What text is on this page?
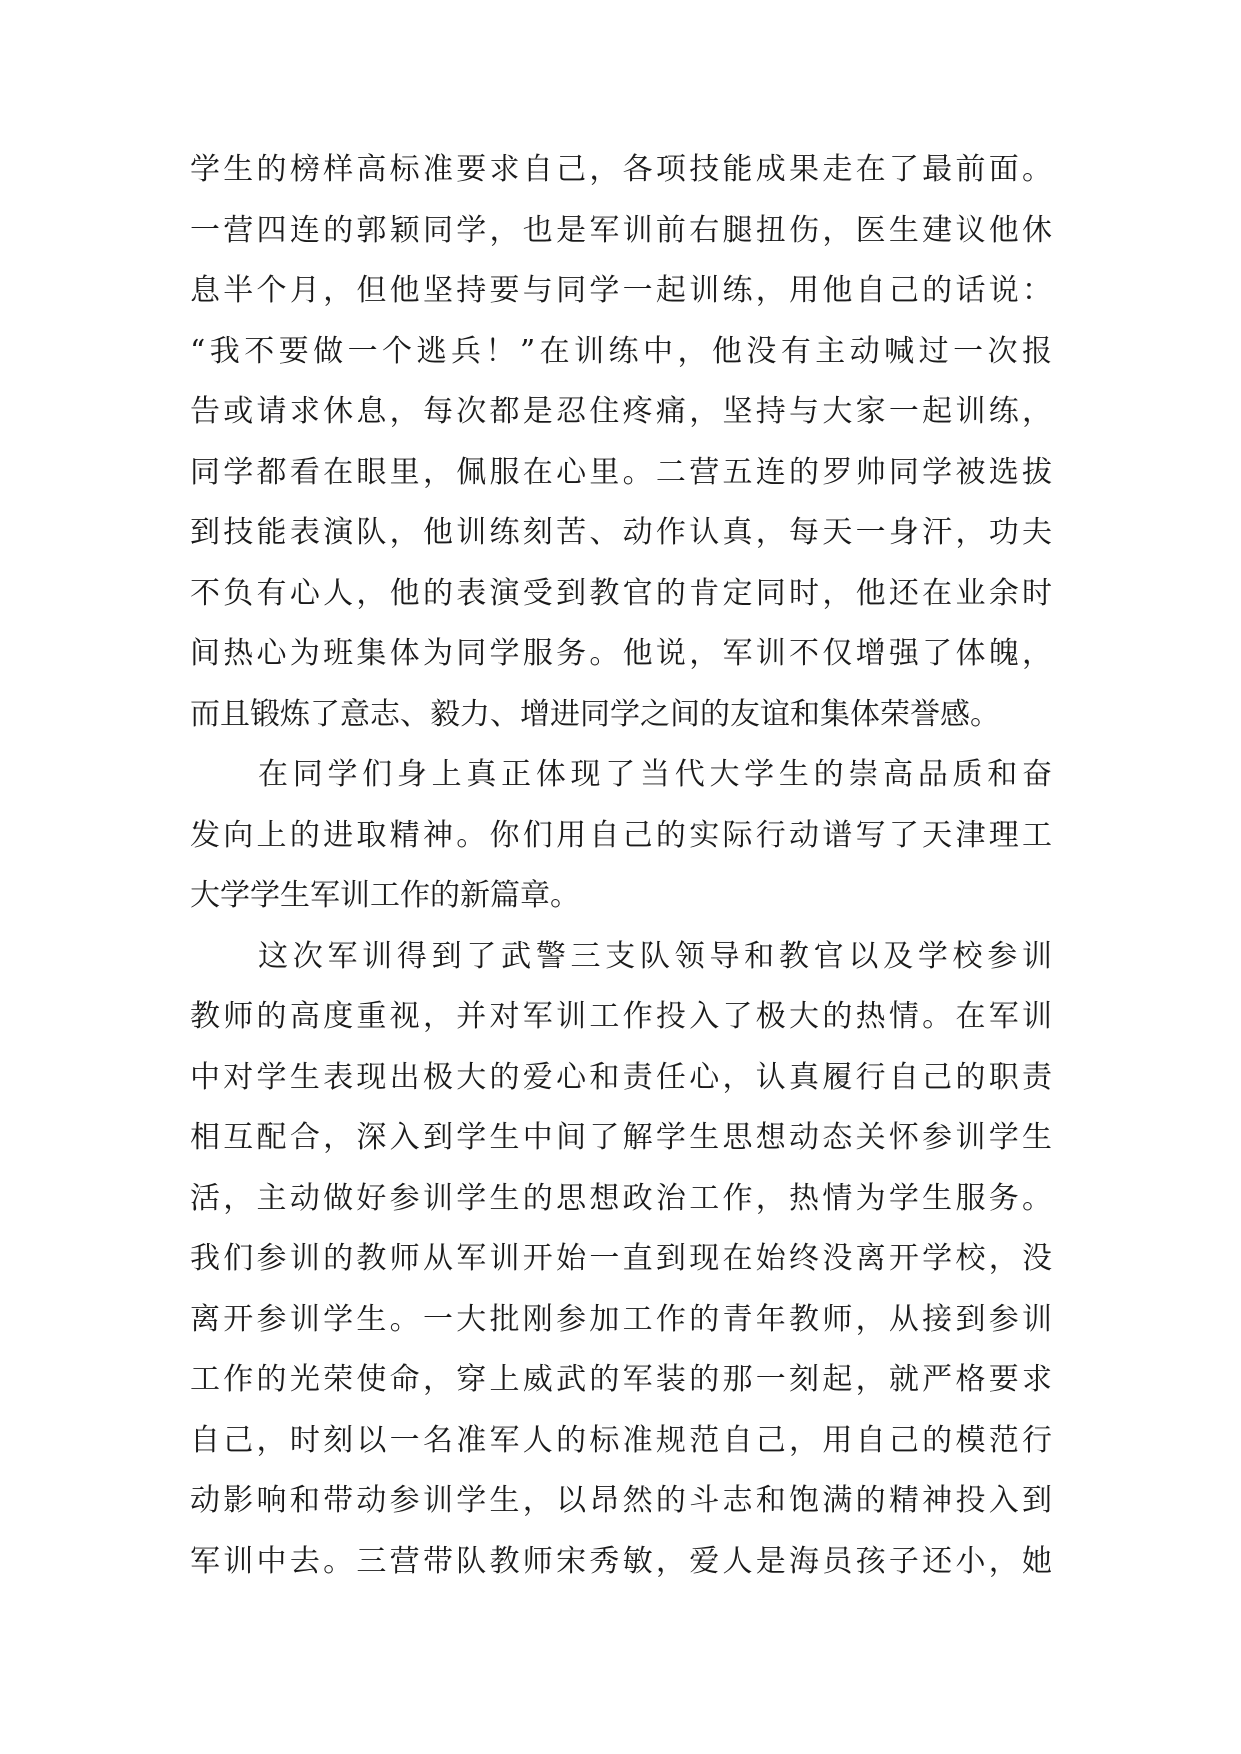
学生的榜样高标准要求自己，各项技能成果走在了最前面。
一营四连的郭颖同学，也是军训前右腿扭伤，医生建议他休
息半个月，但他坚持要与同学一起训练，用他自己的话说：
“我不要做一个逃兵！”在训练中，他没有主动喊过一次报
告或请求休息，每次都是忍住疼痛，坚持与大家一起训练，
同学都看在眼里，佩服在心里。二营五连的罗帅同学被选拔
到技能表演队，他训练刻苦、动作认真，每天一身汗，功夫
不负有心人，他的表演受到教官的肯定同时，他还在业余时
间热心为班集体为同学服务。他说，军训不仅增强了体魄，
而且锻炼了意志、毅力、增进同学之间的友谊和集体荣誉感。
在同学们身上真正体现了当代大学生的崇高品质和奋
发向上的进取精神。你们用自己的实际行动谱写了天津理工
大学学生军训工作的新篇章。
这次军训得到了武警三支队领导和教官以及学校参训
教师的高度重视，并对军训工作投入了极大的热情。在军训
中对学生表现出极大的爱心和责任心，认真履行自己的职责
相互配合，深入到学生中间了解学生思想动态关怀参训学生
活，主动做好参训学生的思想政治工作，热情为学生服务。
我们参训的教师从军训开始一直到现在始终没离开学校，没
离开参训学生。一大批刚参加工作的青年教师，从接到参训
工作的光荣使命，穿上威武的军装的那一刻起，就严格要求
自己，时刻以一名准军人的标准规范自己，用自己的模范行
动影响和带动参训学生，以昂然的斗志和饱满的精神投入到
军训中去。三营带队教师宋秀敏，爱人是海员孩子还小，她
